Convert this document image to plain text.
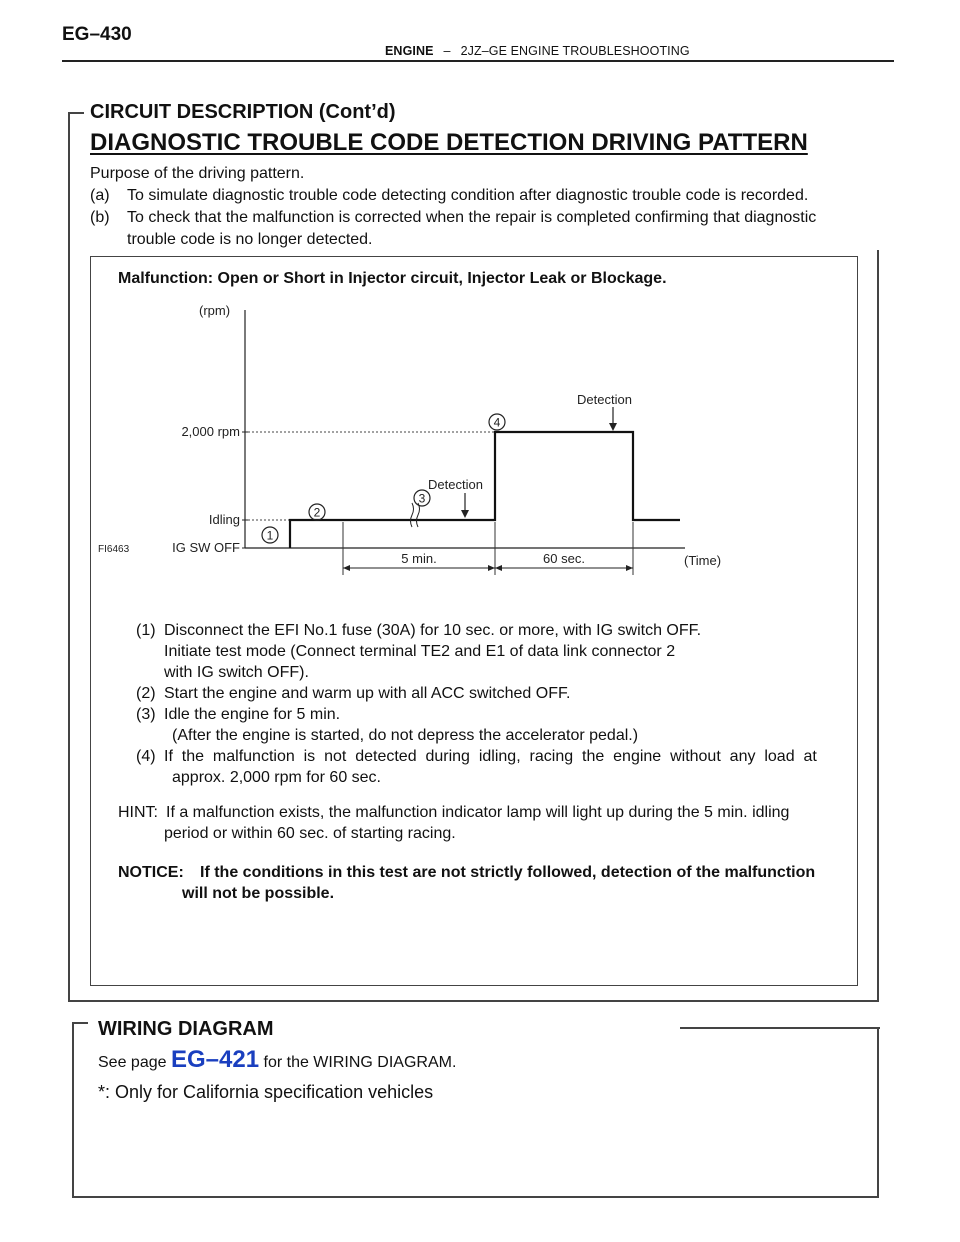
EG–430
ENGINE – 2JZ–GE ENGINE TROUBLESHOOTING
CIRCUIT DESCRIPTION (Cont’d)
DIAGNOSTIC TROUBLE CODE DETECTION DRIVING PATTERN
Purpose of the driving pattern.
(a) To simulate diagnostic trouble code detecting condition after diagnostic trouble code is recorded.
(b) To check that the malfunction is corrected when the repair is completed confirming that diagnostic
trouble code is no longer detected.
Malfunction: Open or Short in Injector circuit, Injector Leak or Blockage.
(rpm)
(Time)
FI6463	IG SW OFF
Idling
2,000 rpm
1
2
3
4
Detection
Detection
5 min.	60 sec.
(1) Disconnect the EFI No.1 fuse (30A) for 10 sec. or more, with IG switch OFF.
Initiate test mode (Connect terminal TE2 and E1 of data link connector 2
with IG switch OFF).
(2) Start the engine and warm up with all ACC switched OFF.
(3) Idle the engine for 5 min.
(After the engine is started, do not depress the accelerator pedal.)
(4) If  the  malfunction  is  not  detected  during  idling,  racing  the  engine  without  any  load  at
approx. 2,000 rpm for 60 sec.
HINT: If a malfunction exists, the malfunction indicator lamp will light up during the 5 min. idling
period or within 60 sec. of starting racing.
NOTICE: If the conditions in this test are not strictly followed, detection of the malfunction
will not be possible.
WIRING DIAGRAM
See page EG–421 for the WIRING DIAGRAM.
*: Only for California specification vehicles
